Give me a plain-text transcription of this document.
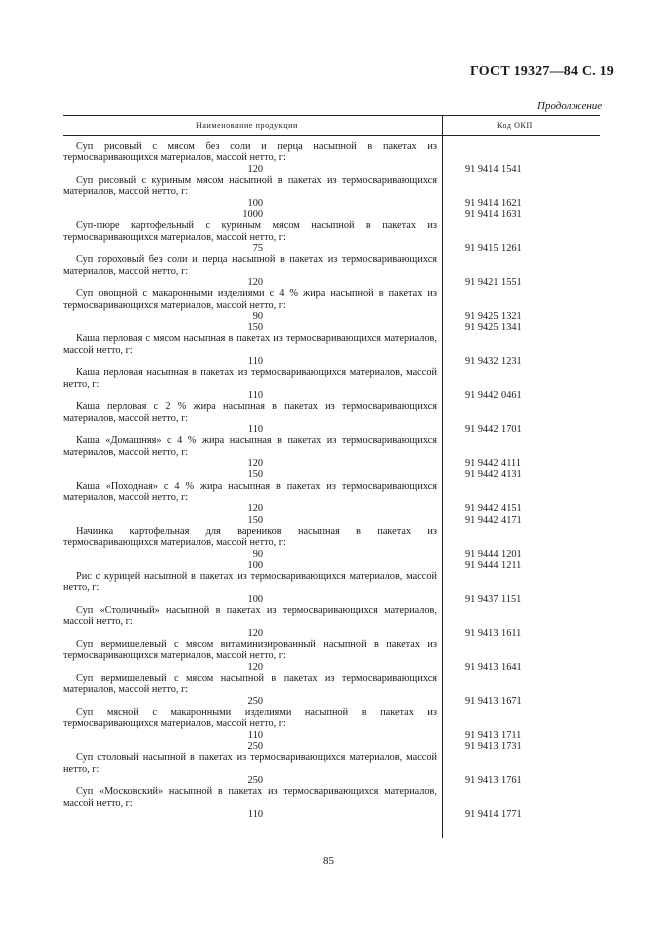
ГОСТ 19327—84 С. 19
Продолжение
Наименование продукции	Код ОКП
Суп рисовый с мясом без соли и перца насыпной в пакетах из термосваривающихся материалов, массой нетто, г:
120	91 9414 1541
Суп рисовый с куриным мясом насыпной в пакетах из термосваривающихся материалов, массой нетто, г:
100	91 9414 1621
1000	91 9414 1631
Суп-пюре картофельный с куриным мясом насыпной в пакетах из термосваривающихся материалов, массой нетто, г:
75	91 9415 1261
Суп гороховый без соли и перца насыпной в пакетах из термосваривающихся материалов, массой нетто, г:
120	91 9421 1551
Суп овощной с макаронными изделиями с 4 % жира насыпной в пакетах из термосваривающихся материалов, массой нетто, г:
90	91 9425 1321
150	91 9425 1341
Каша перловая с мясом насыпная в пакетах из термосваривающихся материалов, массой нетто, г:
110	91 9432 1231
Каша перловая насыпная в пакетах из термосваривающихся материалов, массой нетто, г:
110	91 9442 0461
Каша перловая с 2 % жира насыпная в пакетах из термосваривающихся материалов, массой нетто, г:
110	91 9442 1701
Каша «Домашняя» с 4 % жира насыпная в пакетах из термосваривающихся материалов, массой нетто, г:
120	91 9442 4111
150	91 9442 4131
Каша «Походная» с 4 % жира насыпная в пакетах из термосваривающихся материалов, массой нетто, г:
120	91 9442 4151
150	91 9442 4171
Начинка картофельная для вареников насыпная в пакетах из термосваривающихся материалов, массой нетто, г:
90	91 9444 1201
100	91 9444 1211
Рис с курицей насыпной в пакетах из термосваривающихся материалов, массой нетто, г:
100	91 9437 1151
Суп «Столичный» насыпной в пакетах из термосваривающихся материалов, массой нетто, г:
120	91 9413 1611
Суп вермишелевый с мясом витаминизированный насыпной в пакетах из термосваривающихся материалов, массой нетто, г:
120	91 9413 1641
Суп вермишелевый с мясом насыпной в пакетах из термосваривающихся материалов, массой нетто, г:
250	91 9413 1671
Суп мясной с макаронными изделиями насыпной в пакетах из термосваривающихся материалов, массой нетто, г:
110	91 9413 1711
250	91 9413 1731
Суп столовый насыпной в пакетах из термосваривающихся материалов, массой нетто, г:
250	91 9413 1761
Суп «Московский» насыпной в пакетах из термосваривающихся материалов, массой нетто, г:
110	91 9414 1771
85
